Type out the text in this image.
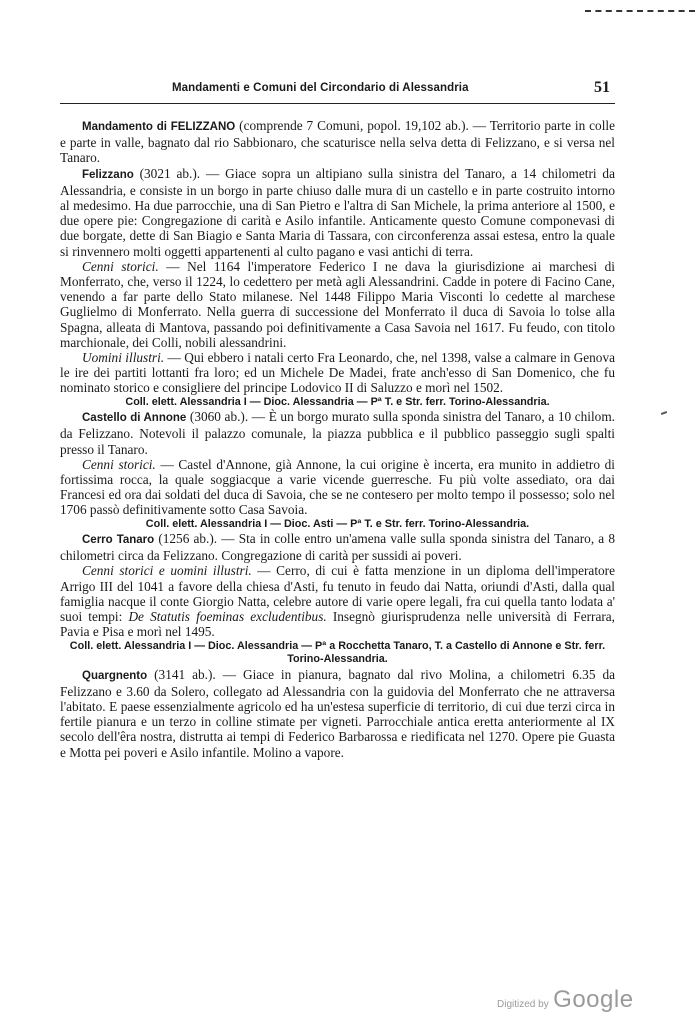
Mandamenti e Comuni del Circondario di Alessandria	51

Mandamento di FELIZZANO (comprende 7 Comuni, popol. 19,102 ab.). — Territorio parte in colle e parte in valle, bagnato dal rio Sabbionaro, che scaturisce nella selva detta di Felizzano, e si versa nel Tanaro.

Felizzano (3021 ab.). — Giace sopra un altipiano sulla sinistra del Tanaro, a 14 chilometri da Alessandria, e consiste in un borgo in parte chiuso dalle mura di un castello e in parte costruito intorno al medesimo. Ha due parrocchie, una di San Pietro e l'altra di San Michele, la prima anteriore al 1500, e due opere pie: Congregazione di carità e Asilo infantile. Anticamente questo Comune componevasi di due borgate, dette di San Biagio e Santa Maria di Tassara, con circonferenza assai estesa, entro la quale si rinvennero molti oggetti appartenenti al culto pagano e vasi antichi di terra.

Cenni storici. — Nel 1164 l'imperatore Federico I ne dava la giurisdizione ai marchesi di Monferrato, che, verso il 1224, lo cedettero per metà agli Alessandrini. Cadde in potere di Facino Cane, venendo a far parte dello Stato milanese. Nel 1448 Filippo Maria Visconti lo cedette al marchese Guglielmo di Monferrato. Nella guerra di successione del Monferrato il duca di Savoia lo tolse alla Spagna, alleata di Mantova, passando poi definitivamente a Casa Savoia nel 1617. Fu feudo, con titolo marchionale, dei Colli, nobili alessandrini.

Uomini illustri. — Qui ebbero i natali certo Fra Leonardo, che, nel 1398, valse a calmare in Genova le ire dei partiti lottanti fra loro; ed un Michele De Madei, frate anch'esso di San Domenico, che fu nominato storico e consigliere del principe Lodovico II di Saluzzo e morì nel 1502.

Coll. elett. Alessandria I — Dioc. Alessandria — Pª T. e Str. ferr. Torino-Alessandria.

Castello di Annone (3060 ab.). — È un borgo murato sulla sponda sinistra del Tanaro, a 10 chilom. da Felizzano. Notevoli il palazzo comunale, la piazza pubblica e il pubblico passeggio sugli spalti presso il Tanaro.

Cenni storici. — Castel d'Annone, già Annone, la cui origine è incerta, era munito in addietro di fortissima rocca, la quale soggiacque a varie vicende guerresche. Fu più volte assediato, ora dai Francesi ed ora dai soldati del duca di Savoia, che se ne contesero per molto tempo il possesso; solo nel 1706 passò definitivamente sotto Casa Savoia.

Coll. elett. Alessandria I — Dioc. Asti — Pª T. e Str. ferr. Torino-Alessandria.

Cerro Tanaro (1256 ab.). — Sta in colle entro un'amena valle sulla sponda sinistra del Tanaro, a 8 chilometri circa da Felizzano. Congregazione di carità per sussidi ai poveri.

Cenni storici e uomini illustri. — Cerro, di cui è fatta menzione in un diploma dell'imperatore Arrigo III del 1041 a favore della chiesa d'Asti, fu tenuto in feudo dai Natta, oriundi d'Asti, dalla qual famiglia nacque il conte Giorgio Natta, celebre autore di varie opere legali, fra cui quella tanto lodata a' suoi tempi: De Statutis foeminas excludentibus. Insegnò giurisprudenza nelle università di Ferrara, Pavia e Pisa e morì nel 1495.

Coll. elett. Alessandria I — Dioc. Alessandria — Pª a Rocchetta Tanaro, T. a Castello di Annone e Str. ferr. Torino-Alessandria.

Quargnento (3141 ab.). — Giace in pianura, bagnato dal rivo Molina, a chilometri 6.35 da Felizzano e 3.60 da Solero, collegato ad Alessandria con la guidovia del Monferrato che ne attraversa l'abitato. E paese essenzialmente agricolo ed ha un'estesa superficie di territorio, di cui due terzi circa in fertile pianura e un terzo in colline stimate per vigneti. Parrocchiale antica eretta anteriormente al IX secolo dell'êra nostra, distrutta ai tempi di Federico Barbarossa e riedificata nel 1270. Opere pie Guasta e Motta pei poveri e Asilo infantile. Molino a vapore.

Digitized by Google
